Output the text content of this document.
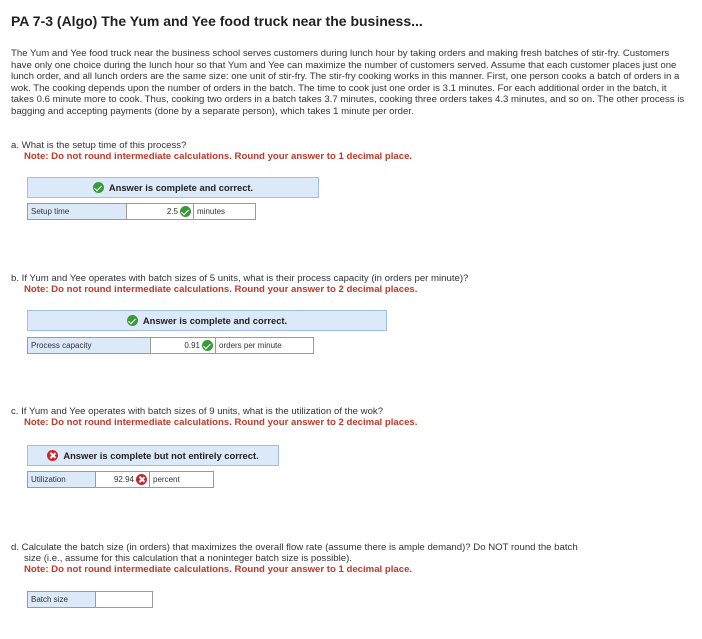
PA 7-3 (Algo) The Yum and Yee food truck near the business...
The Yum and Yee food truck near the business school serves customers during lunch hour by taking orders and making fresh batches of stir-fry. Customers have only one choice during the lunch hour so that Yum and Yee can maximize the number of customers served. Assume that each customer places just one lunch order, and all lunch orders are the same size: one unit of stir-fry. The stir-fry cooking works in this manner. First, one person cooks a batch of orders in a wok. The cooking depends upon the number of orders in the batch. The time to cook just one order is 3.1 minutes. For each additional order in the batch, it takes 0.6 minute more to cook. Thus, cooking two orders in a batch takes 3.7 minutes, cooking three orders takes 4.3 minutes, and so on. The other process is bagging and accepting payments (done by a separate person), which takes 1 minute per order.
a. What is the setup time of this process?
Note: Do not round intermediate calculations. Round your answer to 1 decimal place.
Answer is complete and correct.
Setup time	2.5	minutes
b. If Yum and Yee operates with batch sizes of 5 units, what is their process capacity (in orders per minute)?
Note: Do not round intermediate calculations. Round your answer to 2 decimal places.
Answer is complete and correct.
Process capacity	0.91	orders per minute
c. If Yum and Yee operates with batch sizes of 9 units, what is the utilization of the wok?
Note: Do not round intermediate calculations. Round your answer to 2 decimal places.
Answer is complete but not entirely correct.
Utilization	92.94	percent
d. Calculate the batch size (in orders) that maximizes the overall flow rate (assume there is ample demand)? Do NOT round the batch
size (i.e., assume for this calculation that a noninteger batch size is possible).
Note: Do not round intermediate calculations. Round your answer to 1 decimal place.
Batch size
